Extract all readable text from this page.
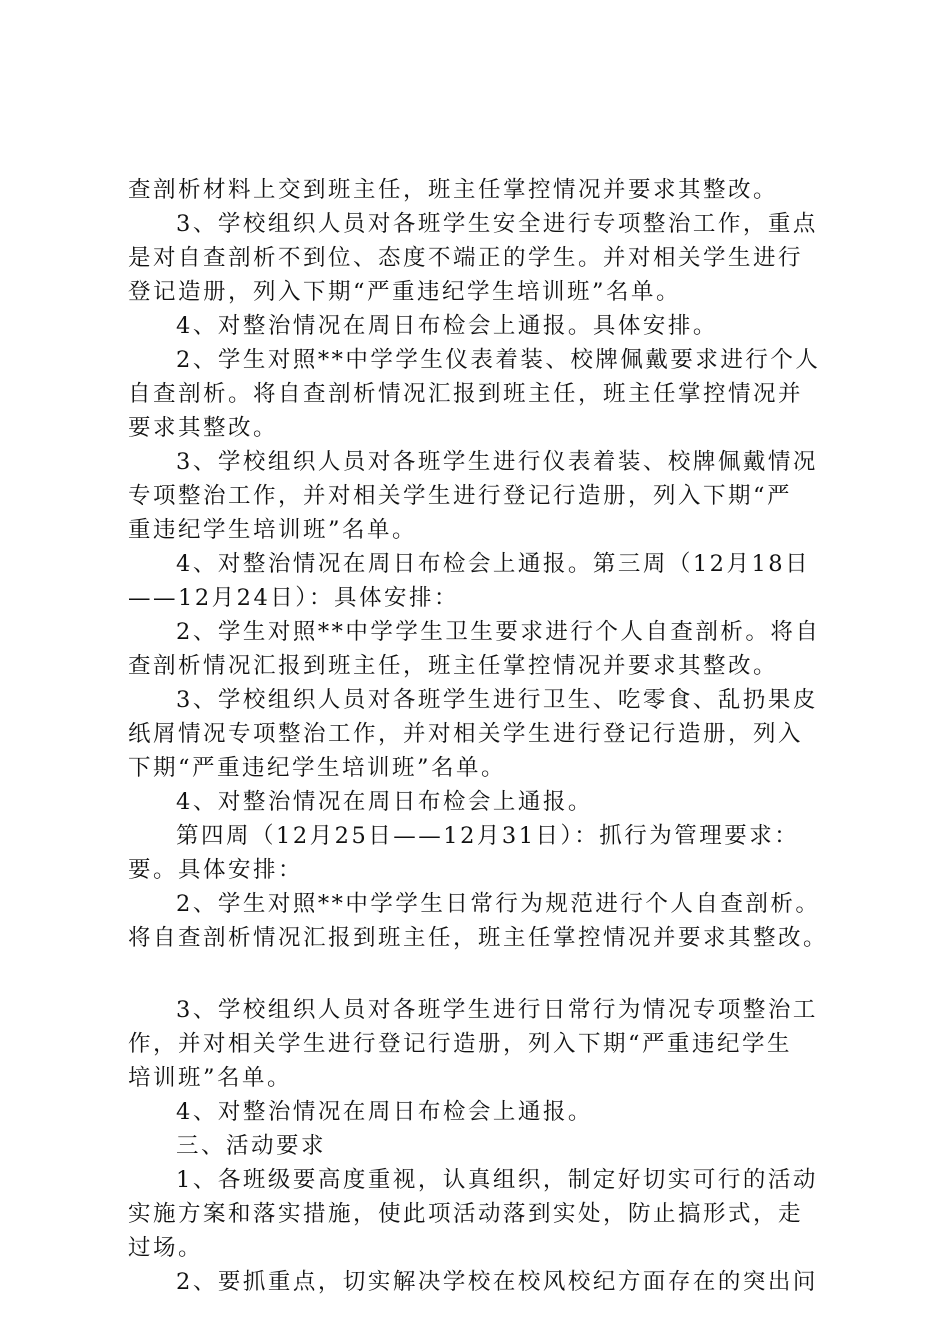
查剖析材料上交到班主任，班主任掌控情况并要求其整改。
3、学校组织人员对各班学生安全进行专项整治工作，重点
是对自查剖析不到位、态度不端正的学生。并对相关学生进行
登记造册，列入下期“严重违纪学生培训班”名单。
4、对整治情况在周日布检会上通报。具体安排。
2、学生对照**中学学生仪表着装、校牌佩戴要求进行个人
自查剖析。将自查剖析情况汇报到班主任，班主任掌控情况并
要求其整改。
3、学校组织人员对各班学生进行仪表着装、校牌佩戴情况
专项整治工作，并对相关学生进行登记行造册，列入下期“严
重违纪学生培训班”名单。
4、对整治情况在周日布检会上通报。第三周（12月18日
——12月24日）：具体安排：
2、学生对照**中学学生卫生要求进行个人自查剖析。将自
查剖析情况汇报到班主任，班主任掌控情况并要求其整改。
3、学校组织人员对各班学生进行卫生、吃零食、乱扔果皮
纸屑情况专项整治工作，并对相关学生进行登记行造册，列入
下期“严重违纪学生培训班”名单。
4、对整治情况在周日布检会上通报。
第四周（12月25日——12月31日）：抓行为管理要求：
要。具体安排：
2、学生对照**中学学生日常行为规范进行个人自查剖析。
将自查剖析情况汇报到班主任，班主任掌控情况并要求其整改。
3、学校组织人员对各班学生进行日常行为情况专项整治工
作，并对相关学生进行登记行造册，列入下期“严重违纪学生
培训班”名单。
4、对整治情况在周日布检会上通报。
三、活动要求
1、各班级要高度重视，认真组织，制定好切实可行的活动
实施方案和落实措施，使此项活动落到实处，防止搞形式，走
过场。
2、要抓重点，切实解决学校在校风校纪方面存在的突出问
